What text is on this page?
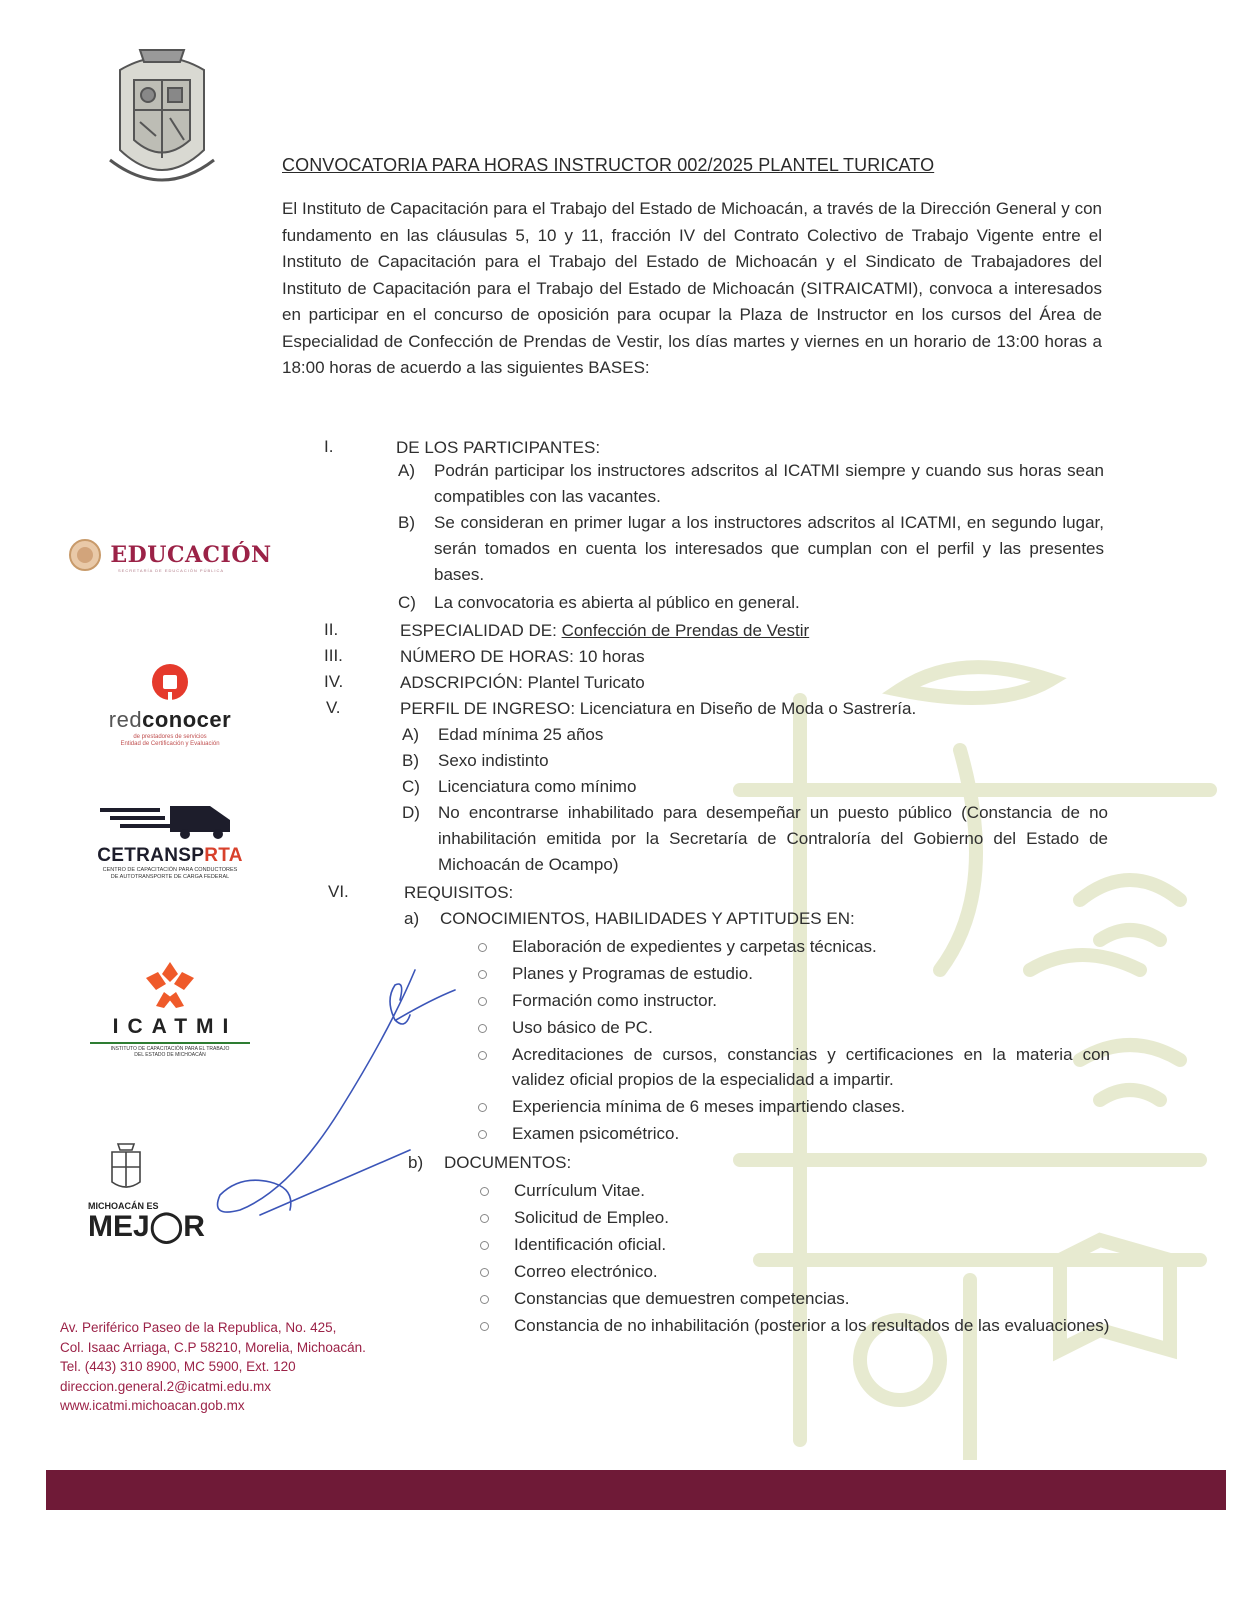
EDUCACIÓN
SECRETARÍA DE EDUCACIÓN PÚBLICA
redconocer
de prestadores de servicios
Entidad de Certificación y Evaluación
CETRANSPRTA
CENTRO DE CAPACITACIÓN PARA CONDUCTORES
DE AUTOTRANSPORTE DE CARGA FEDERAL
ICATMI
INSTITUTO DE CAPACITACIÓN PARA EL TRABAJO
DEL ESTADO DE MICHOACÁN
MICHOACÁN ES
MEJ◯R
Av. Periférico Paseo de la Republica, No. 425,
Col. Isaac Arriaga, C.P 58210, Morelia, Michoacán.
Tel. (443) 310 8900, MC 5900, Ext. 120
direccion.general.2@icatmi.edu.mx
www.icatmi.michoacan.gob.mx
CONVOCATORIA PARA HORAS INSTRUCTOR 002/2025 PLANTEL TURICATO
El Instituto de Capacitación para el Trabajo del Estado de Michoacán, a través de la Dirección General y con fundamento en las cláusulas 5, 10 y 11, fracción IV del Contrato Colectivo de Trabajo Vigente entre el Instituto de Capacitación para el Trabajo del Estado de Michoacán y el Sindicato de Trabajadores del Instituto de Capacitación para el Trabajo del Estado de Michoacán (SITRAICATMI), convoca a interesados en participar en el concurso de oposición para ocupar la Plaza de Instructor en los cursos del Área de Especialidad de Confección de Prendas de Vestir, los días martes y viernes en un horario de 13:00 horas a 18:00 horas de acuerdo a las siguientes BASES:
I.	DE LOS PARTICIPANTES:
A) Podrán participar los instructores adscritos al ICATMI siempre y cuando sus horas sean compatibles con las vacantes.
B) Se consideran en primer lugar a los instructores adscritos al ICATMI, en segundo lugar, serán tomados en cuenta los interesados que cumplan con el perfil y las presentes bases.
C) La convocatoria es abierta al público en general.
II.	ESPECIALIDAD DE: Confección de Prendas de Vestir
III.	NÚMERO DE HORAS: 10 horas
IV.	ADSCRIPCIÓN: Plantel Turicato
V.	PERFIL DE INGRESO: Licenciatura en Diseño de Moda o Sastrería.
A) Edad mínima 25 años
B) Sexo indistinto
C) Licenciatura como mínimo
D) No encontrarse inhabilitado para desempeñar un puesto público (Constancia de no inhabilitación emitida por la Secretaría de Contraloría del Gobierno del Estado de Michoacán de Ocampo)
VI.	REQUISITOS:
a) CONOCIMIENTOS, HABILIDADES Y APTITUDES EN:
Elaboración de expedientes y carpetas técnicas.
Planes y Programas de estudio.
Formación como instructor.
Uso básico de PC.
Acreditaciones de cursos, constancias y certificaciones en la materia con validez oficial propios de la especialidad a impartir.
Experiencia mínima de 6 meses impartiendo clases.
Examen psicométrico.
b) DOCUMENTOS:
Currículum Vitae.
Solicitud de Empleo.
Identificación oficial.
Correo electrónico.
Constancias que demuestren competencias.
Constancia de no inhabilitación (posterior a los resultados de las evaluaciones)
